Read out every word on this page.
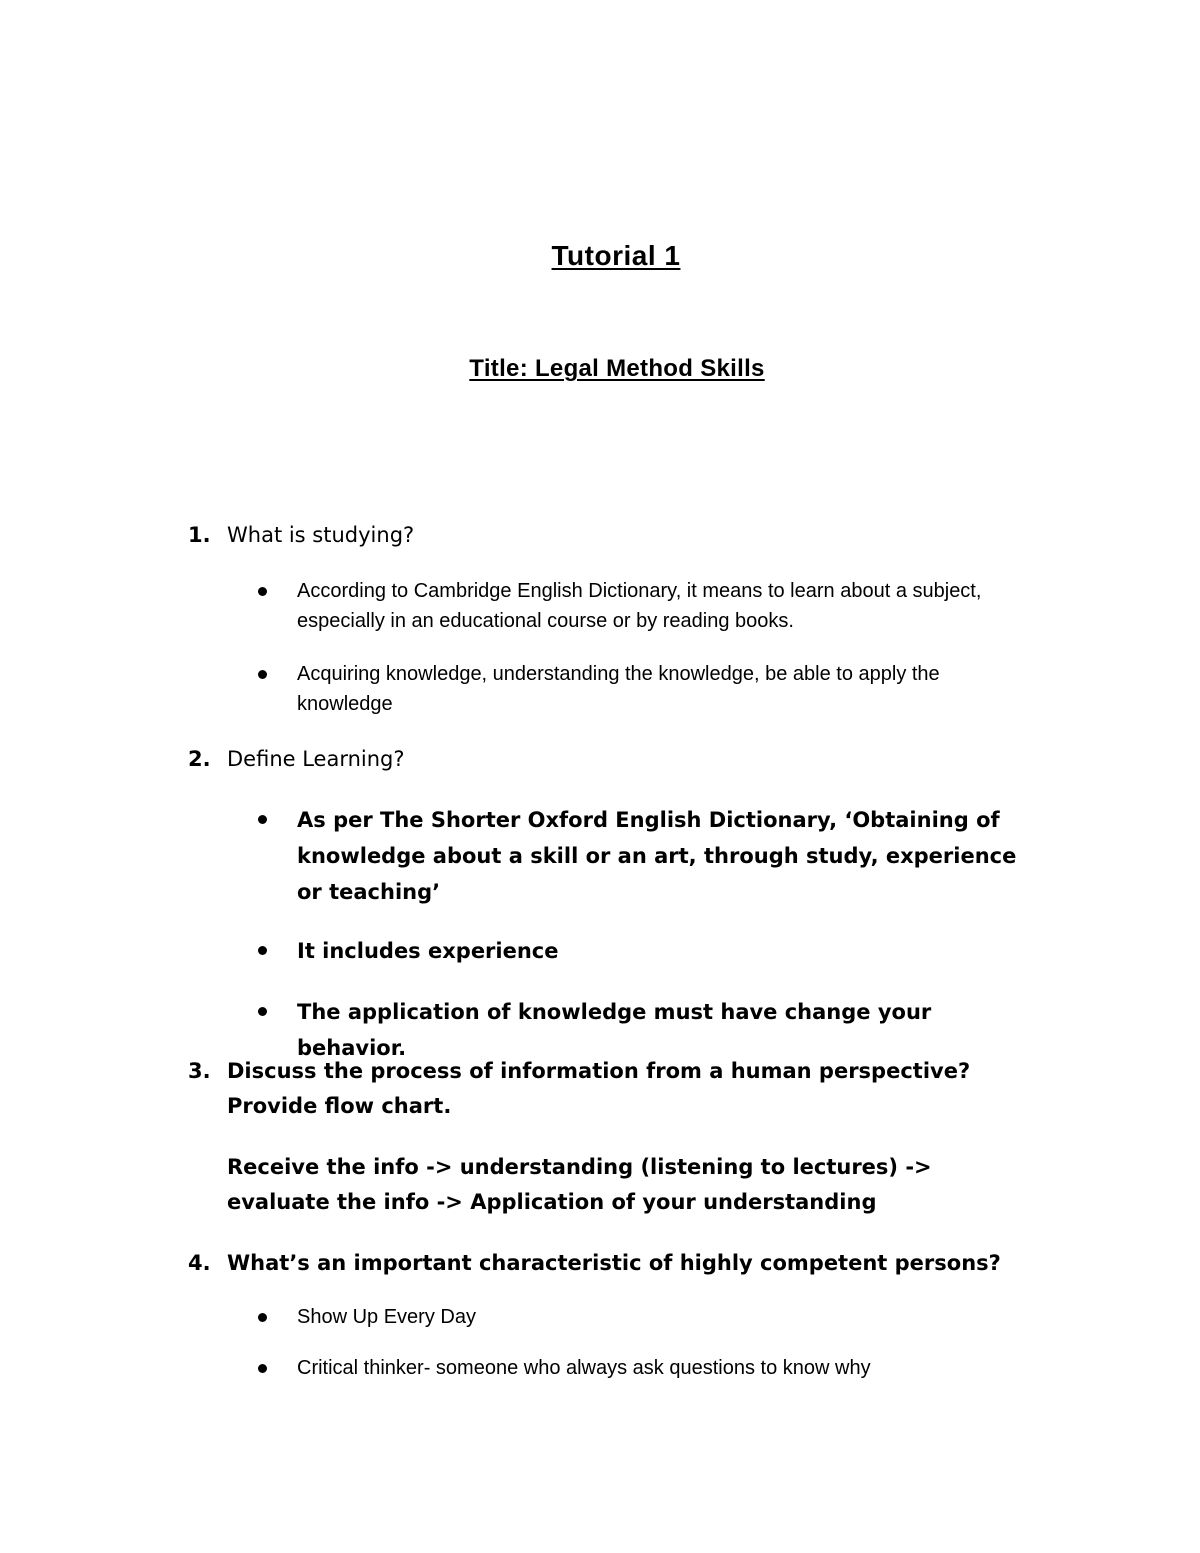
Tutorial 1
Title: Legal Method Skills
1. What is studying?
According to Cambridge English Dictionary, it means to learn about a subject, especially in an educational course or by reading books.
Acquiring knowledge, understanding the knowledge, be able to apply the knowledge
2. Define Learning?
As per The Shorter Oxford English Dictionary, ‘Obtaining of knowledge about a skill or an art, through study, experience or teaching’
It includes experience
The application of knowledge must have change your behavior.
3. Discuss the process of information from a human perspective? Provide flow chart.
Receive the info -> understanding (listening to lectures) -> evaluate the info -> Application of your understanding
4. What’s an important characteristic of highly competent persons?
Show Up Every Day
Critical thinker- someone who always ask questions to know why
